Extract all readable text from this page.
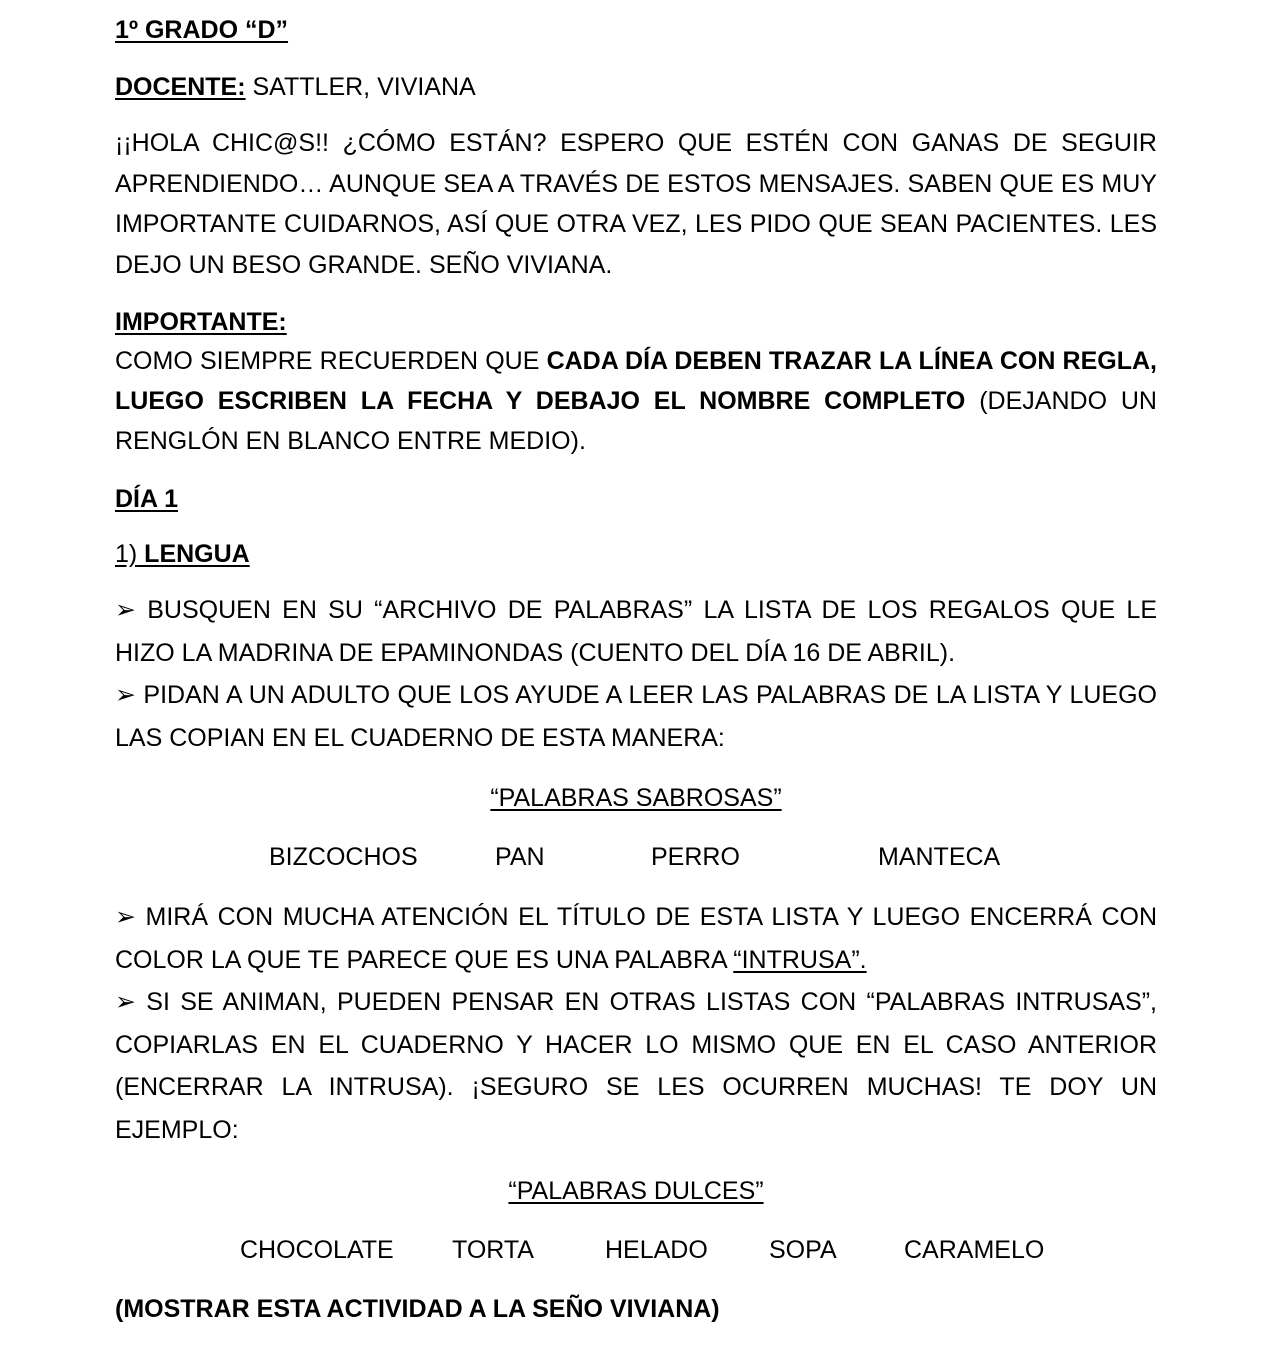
1º GRADO “D”
DOCENTE: SATTLER, VIVIANA
¡¡HOLA CHIC@S!! ¿CÓMO ESTÁN? ESPERO QUE ESTÉN CON GANAS DE SEGUIR
APRENDIENDO… AUNQUE SEA A TRAVÉS DE ESTOS MENSAJES. SABEN QUE ES MUY
IMPORTANTE CUIDARNOS, ASÍ QUE OTRA VEZ, LES PIDO QUE SEAN PACIENTES. LES
DEJO UN BESO GRANDE. SEÑO VIVIANA.
IMPORTANTE:
COMO SIEMPRE RECUERDEN QUE CADA DÍA DEBEN TRAZAR LA LÍNEA CON REGLA,
LUEGO ESCRIBEN LA FECHA Y DEBAJO EL NOMBRE COMPLETO (DEJANDO UN
RENGLÓN EN BLANCO ENTRE MEDIO).
DÍA 1
1) LENGUA
➢ BUSQUEN EN SU “ARCHIVO DE PALABRAS” LA LISTA DE LOS REGALOS QUE LE
HIZO LA MADRINA DE EPAMINONDAS (CUENTO DEL DÍA 16 DE ABRIL).
➢ PIDAN A UN ADULTO QUE LOS AYUDE A LEER LAS PALABRAS DE LA LISTA Y LUEGO
LAS COPIAN EN EL CUADERNO DE ESTA MANERA:
“PALABRAS SABROSAS”
BIZCOCHOS	PAN	PERRO	MANTECA
➢ MIRÁ CON MUCHA ATENCIÓN EL TÍTULO DE ESTA LISTA Y LUEGO ENCERRÁ CON
COLOR LA QUE TE PARECE QUE ES UNA PALABRA “INTRUSA”.
➢ SI SE ANIMAN, PUEDEN PENSAR EN OTRAS LISTAS CON “PALABRAS INTRUSAS”,
COPIARLAS EN EL CUADERNO Y HACER LO MISMO QUE EN EL CASO ANTERIOR
(ENCERRAR LA INTRUSA). ¡SEGURO SE LES OCURREN MUCHAS! TE DOY UN
EJEMPLO:
“PALABRAS DULCES”
CHOCOLATE TORTA	HELADO SOPA	CARAMELO
(MOSTRAR ESTA ACTIVIDAD A LA SEÑO VIVIANA)
